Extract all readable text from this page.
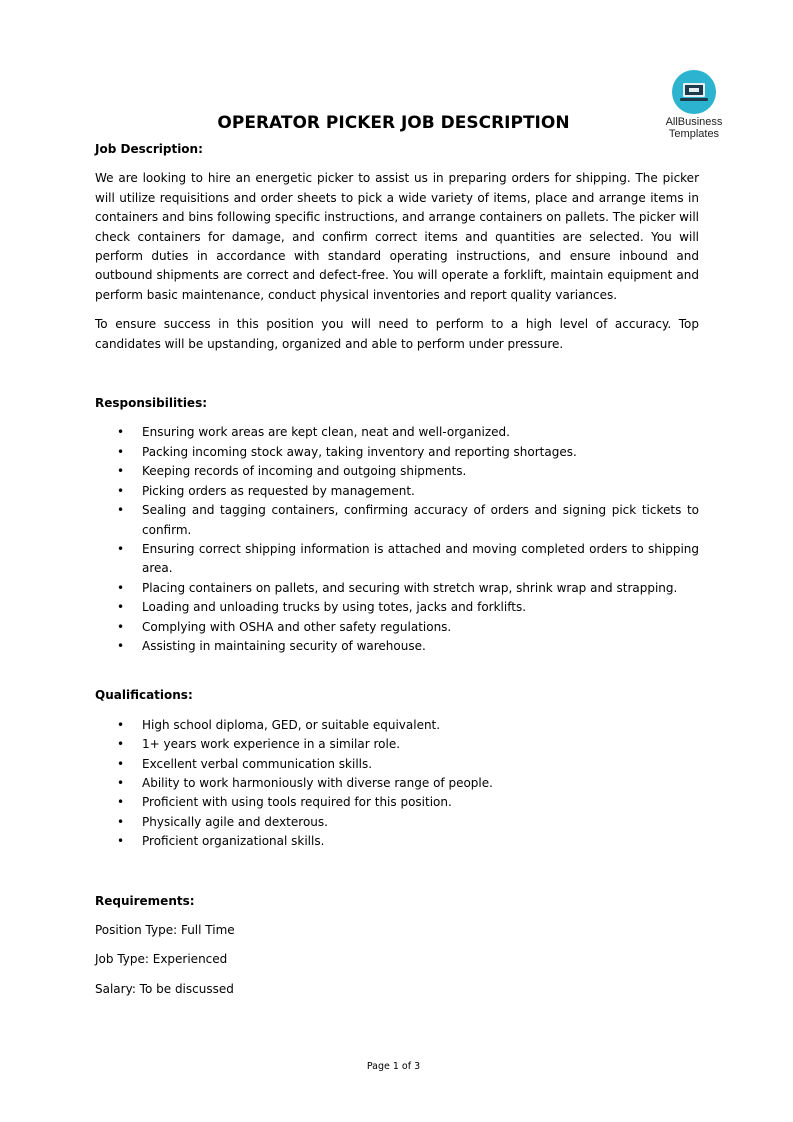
AllBusiness
Templates
OPERATOR PICKER JOB DESCRIPTION

Job Description:

We are looking to hire an energetic picker to assist us in preparing orders for shipping. The picker will utilize requisitions and order sheets to pick a wide variety of items, place and arrange items in containers and bins following specific instructions, and arrange containers on pallets. The picker will check containers for damage, and confirm correct items and quantities are selected. You will perform duties in accordance with standard operating instructions, and ensure inbound and outbound shipments are correct and defect-free. You will operate a forklift, maintain equipment and perform basic maintenance, conduct physical inventories and report quality variances.

To ensure success in this position you will need to perform to a high level of accuracy. Top candidates will be upstanding, organized and able to perform under pressure.

Responsibilities:

• Ensuring work areas are kept clean, neat and well-organized.
• Packing incoming stock away, taking inventory and reporting shortages.
• Keeping records of incoming and outgoing shipments.
• Picking orders as requested by management.
• Sealing and tagging containers, confirming accuracy of orders and signing pick tickets to confirm.
• Ensuring correct shipping information is attached and moving completed orders to shipping area.
• Placing containers on pallets, and securing with stretch wrap, shrink wrap and strapping.
• Loading and unloading trucks by using totes, jacks and forklifts.
• Complying with OSHA and other safety regulations.
• Assisting in maintaining security of warehouse.

Qualifications:

• High school diploma, GED, or suitable equivalent.
• 1+ years work experience in a similar role.
• Excellent verbal communication skills.
• Ability to work harmoniously with diverse range of people.
• Proficient with using tools required for this position.
• Physically agile and dexterous.
• Proficient organizational skills.

Requirements:

Position Type: Full Time

Job Type: Experienced

Salary: To be discussed

Page 1 of 3
